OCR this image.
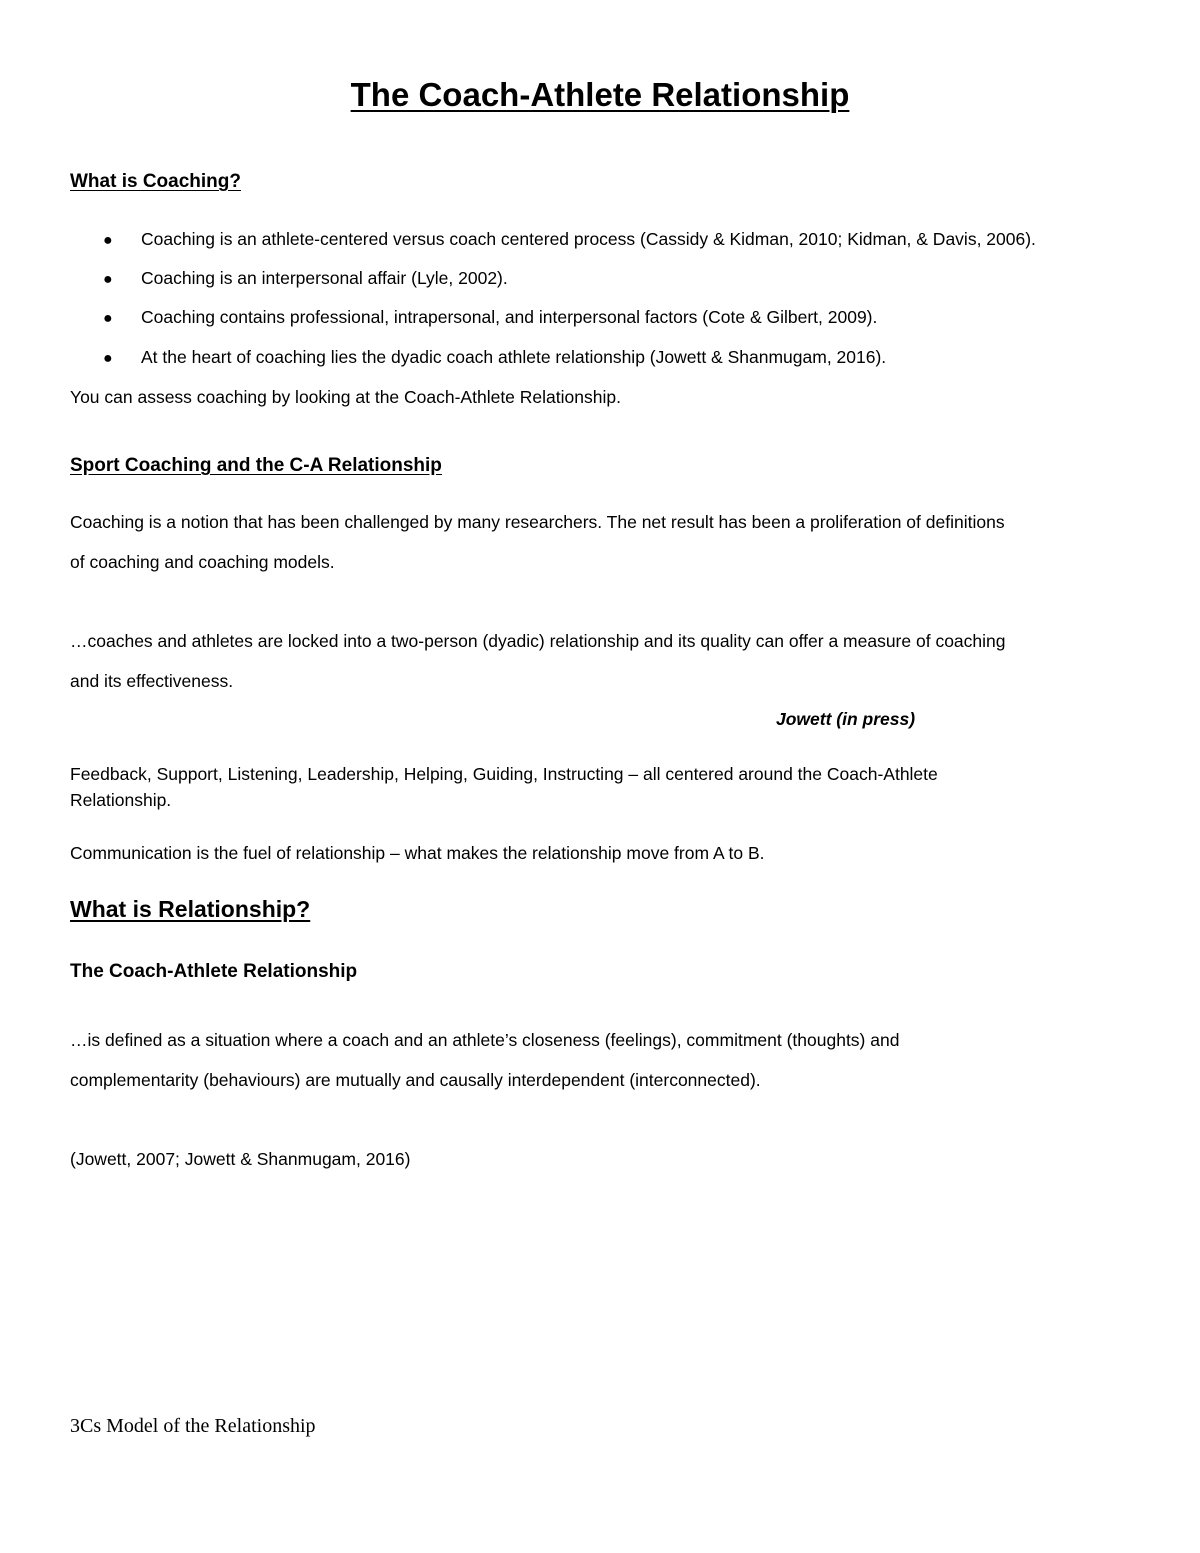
The Coach-Athlete Relationship
What is Coaching?
● Coaching is an athlete-centered versus coach centered process (Cassidy & Kidman, 2010; Kidman, & Davis, 2006).
● Coaching is an interpersonal affair (Lyle, 2002).
● Coaching contains professional, intrapersonal, and interpersonal factors (Cote & Gilbert, 2009).
● At the heart of coaching lies the dyadic coach athlete relationship (Jowett & Shanmugam, 2016).
You can assess coaching by looking at the Coach-Athlete Relationship.
Sport Coaching and the C-A Relationship
Coaching is a notion that has been challenged by many researchers. The net result has been a proliferation of definitions
of coaching and coaching models.
…coaches and athletes are locked into a two-person (dyadic) relationship and its quality can offer a measure of coaching
and its effectiveness.
Jowett (in press)
Feedback, Support, Listening, Leadership, Helping, Guiding, Instructing – all centered around the Coach-Athlete
Relationship.
Communication is the fuel of relationship – what makes the relationship move from A to B.
What is Relationship?
The Coach-Athlete Relationship
…is defined as a situation where a coach and an athlete’s closeness (feelings), commitment (thoughts) and
complementarity (behaviours) are mutually and causally interdependent (interconnected).
(Jowett, 2007; Jowett & Shanmugam, 2016)
3Cs Model of the Relationship
